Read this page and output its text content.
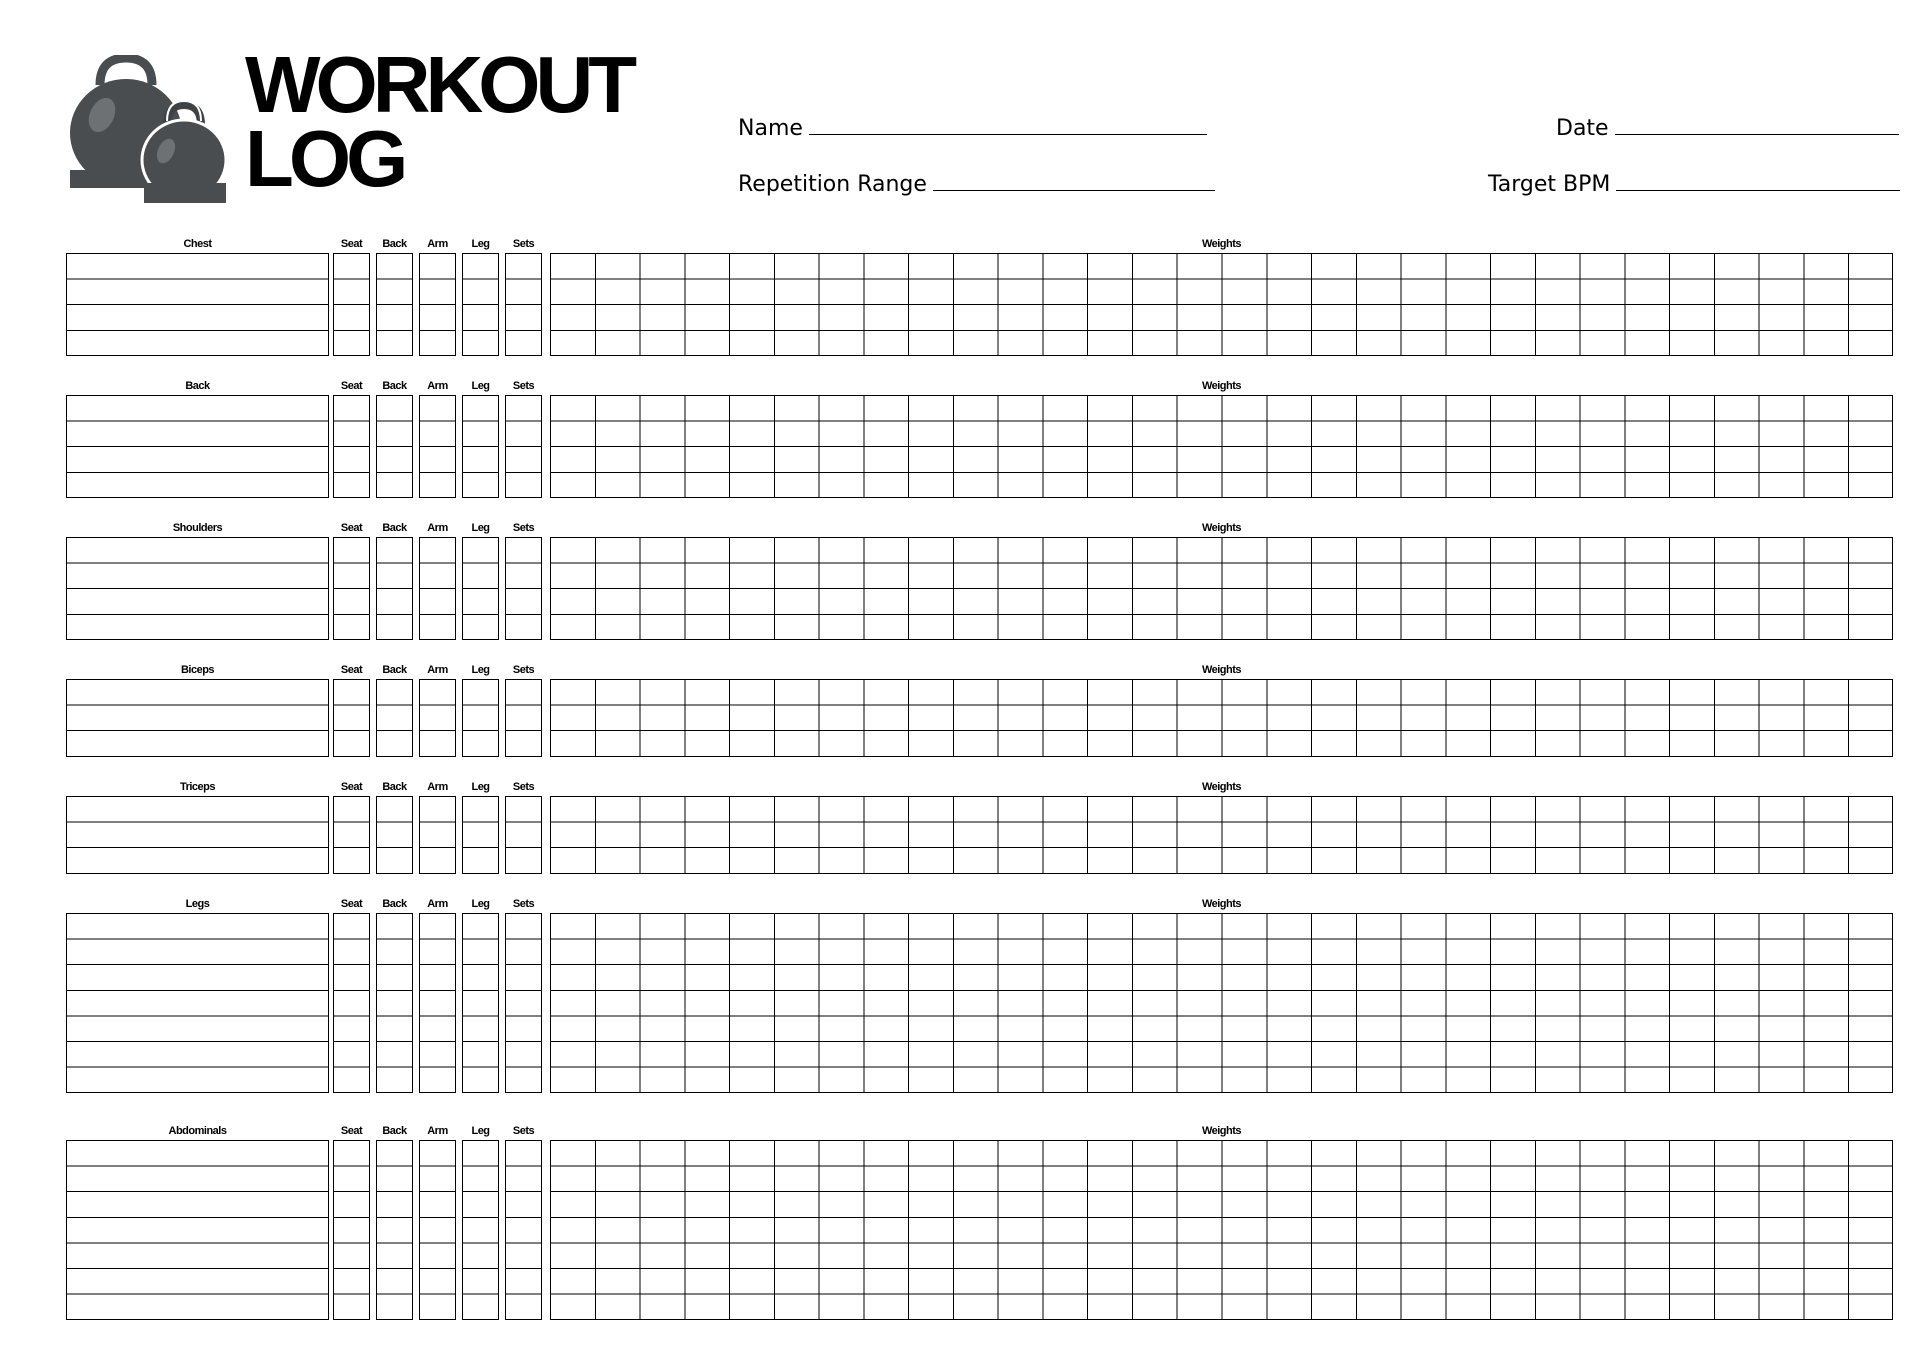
WORKOUT
LOG	Name	Date
Repetition Range	Target BPM
Chest	Seat	Back	Arm	Leg	Sets	Weights
Back	Seat	Back	Arm	Leg	Sets	Weights
Shoulders	Seat	Back	Arm	Leg	Sets	Weights
Biceps	Seat	Back	Arm	Leg	Sets	Weights
Triceps	Seat	Back	Arm	Leg	Sets	Weights
Legs	Seat	Back	Arm	Leg	Sets	Weights
Abdominals	Seat	Back	Arm	Leg	Sets	Weights
